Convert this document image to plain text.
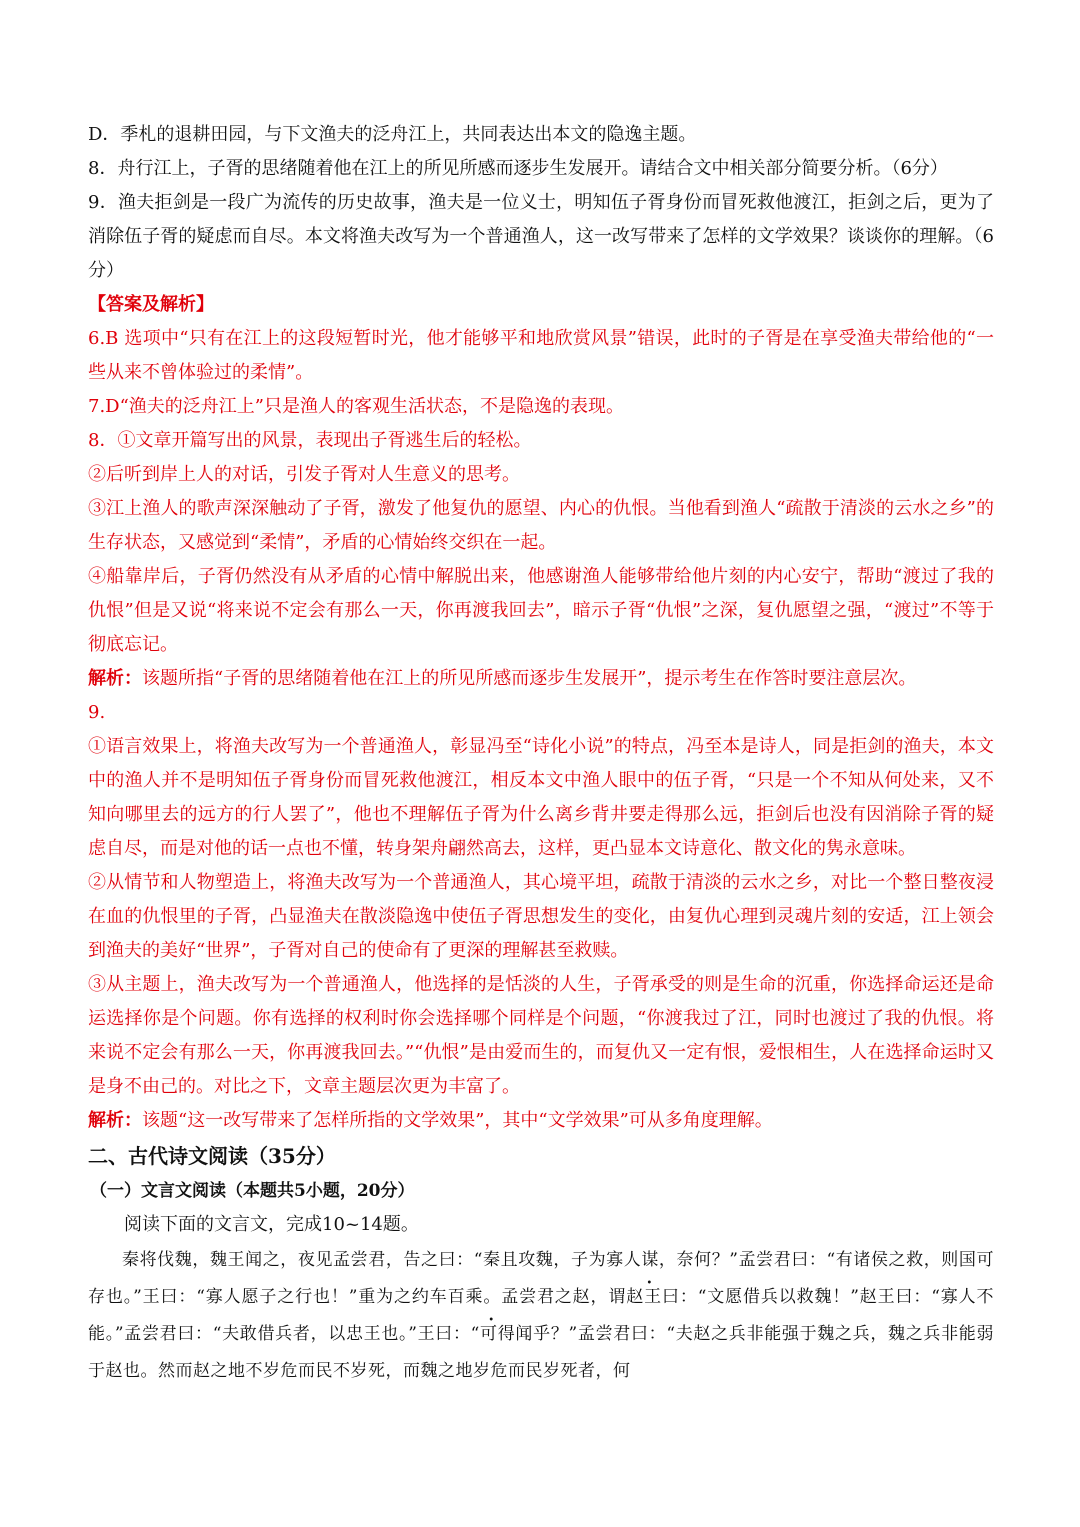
D．季札的退耕田园，与下文渔夫的泛舟江上，共同表达出本文的隐逸主题。

8．舟行江上，子胥的思绪随着他在江上的所见所感而逐步生发展开。请结合文中相关部分简要分析。（6分）

9．渔夫拒剑是一段广为流传的历史故事，渔夫是一位义士，明知伍子胥身份而冒死救他渡江，拒剑之后，更为了消除伍子胥的疑虑而自尽。本文将渔夫改写为一个普通渔人，这一改写带来了怎样的文学效果？谈谈你的理解。（6分）

【答案及解析】

6.B 选项中“只有在江上的这段短暂时光，他才能够平和地欣赏风景”错误，此时的子胥是在享受渔夫带给他的“一些从来不曾体验过的柔情”。

7.D“渔夫的泛舟江上”只是渔人的客观生活状态，不是隐逸的表现。

8．①文章开篇写出的风景，表现出子胥逃生后的轻松。

②后听到岸上人的对话，引发子胥对人生意义的思考。

③江上渔人的歌声深深触动了子胥，激发了他复仇的愿望、内心的仇恨。当他看到渔人“疏散于清淡的云水之乡”的生存状态，又感觉到“柔情”，矛盾的心情始终交织在一起。

④船靠岸后，子胥仍然没有从矛盾的心情中解脱出来，他感谢渔人能够带给他片刻的内心安宁，帮助“渡过了我的仇恨”但是又说“将来说不定会有那么一天，你再渡我回去”，暗示子胥“仇恨”之深，复仇愿望之强，“渡过”不等于彻底忘记。

解析：该题所指“子胥的思绪随着他在江上的所见所感而逐步生发展开”，提示考生在作答时要注意层次。

9.

①语言效果上，将渔夫改写为一个普通渔人，彰显冯至“诗化小说”的特点，冯至本是诗人，同是拒剑的渔夫，本文中的渔人并不是明知伍子胥身份而冒死救他渡江，相反本文中渔人眼中的伍子胥，“只是一个不知从何处来，又不知向哪里去的远方的行人罢了”，他也不理解伍子胥为什么离乡背井要走得那么远，拒剑后也没有因消除子胥的疑虑自尽，而是对他的话一点也不懂，转身架舟翩然高去，这样，更凸显本文诗意化、散文化的隽永意味。

②从情节和人物塑造上，将渔夫改写为一个普通渔人，其心境平坦，疏散于清淡的云水之乡，对比一个整日整夜浸在血的仇恨里的子胥，凸显渔夫在散淡隐逸中使伍子胥思想发生的变化，由复仇心理到灵魂片刻的安适，江上领会到渔夫的美好“世界”，子胥对自己的使命有了更深的理解甚至救赎。

③从主题上，渔夫改写为一个普通渔人，他选择的是恬淡的人生，子胥承受的则是生命的沉重，你选择命运还是命运选择你是个问题。你有选择的权利时你会选择哪个同样是个问题，“你渡我过了江，同时也渡过了我的仇恨。将来说不定会有那么一天，你再渡我回去。”“仇恨”是由爱而生的，而复仇又一定有恨，爱恨相生，人在选择命运时又是身不由己的。对比之下，文章主题层次更为丰富了。

解析：该题“这一改写带来了怎样所指的文学效果”，其中“文学效果”可从多角度理解。

二、古代诗文阅读（35分）

（一）文言文阅读（本题共5小题，20分）

阅读下面的文言文，完成10~14题。

秦将伐魏，魏王闻之，夜见孟尝君，告之曰：“秦且攻魏，子为寡人谋，奈何？”孟尝君曰：“有诸侯之救，则国可存也。”王曰：“寡人愿子之行也！”重为之约车百乘。孟尝君之赵，谓赵王曰：“文愿借兵以救魏！”赵王曰：“寡人不能。”孟尝君曰：“夫敢借兵者，以忠王也。”王曰：“可得闻乎？”孟尝君曰：“夫赵之兵非能强于魏之兵，魏之兵非能弱于赵也。然而赵之地不岁危而民不岁死，而魏之地岁危而民岁死者，何
